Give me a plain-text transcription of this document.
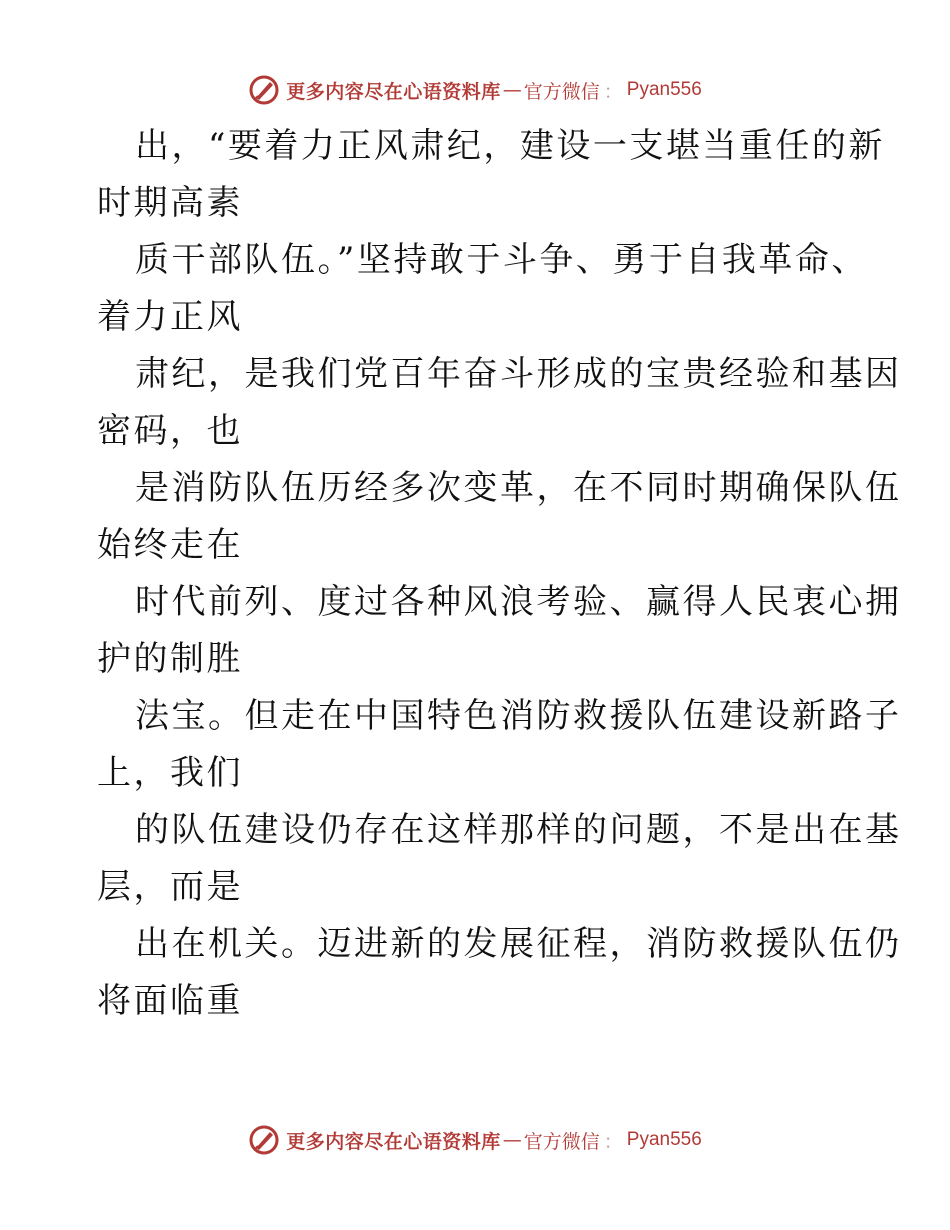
更多内容尽在心语资料库 — 官方微信 ： Pyan556

出，“要着力正风肃纪，建设一支堪当重任的新
时期高素

质干部队伍。”坚持敢于斗争、勇于自我革命、
着力正风

肃纪，是我们党百年奋斗形成的宝贵经验和基因
密码，也

是消防队伍历经多次变革，在不同时期确保队伍
始终走在

时代前列、度过各种风浪考验、赢得人民衷心拥
护的制胜

法宝。但走在中国特色消防救援队伍建设新路子
上，我们

的队伍建设仍存在这样那样的问题，不是出在基
层，而是

出在机关。迈进新的发展征程，消防救援队伍仍
将面临重

更多内容尽在心语资料库 — 官方微信 ： Pyan556
